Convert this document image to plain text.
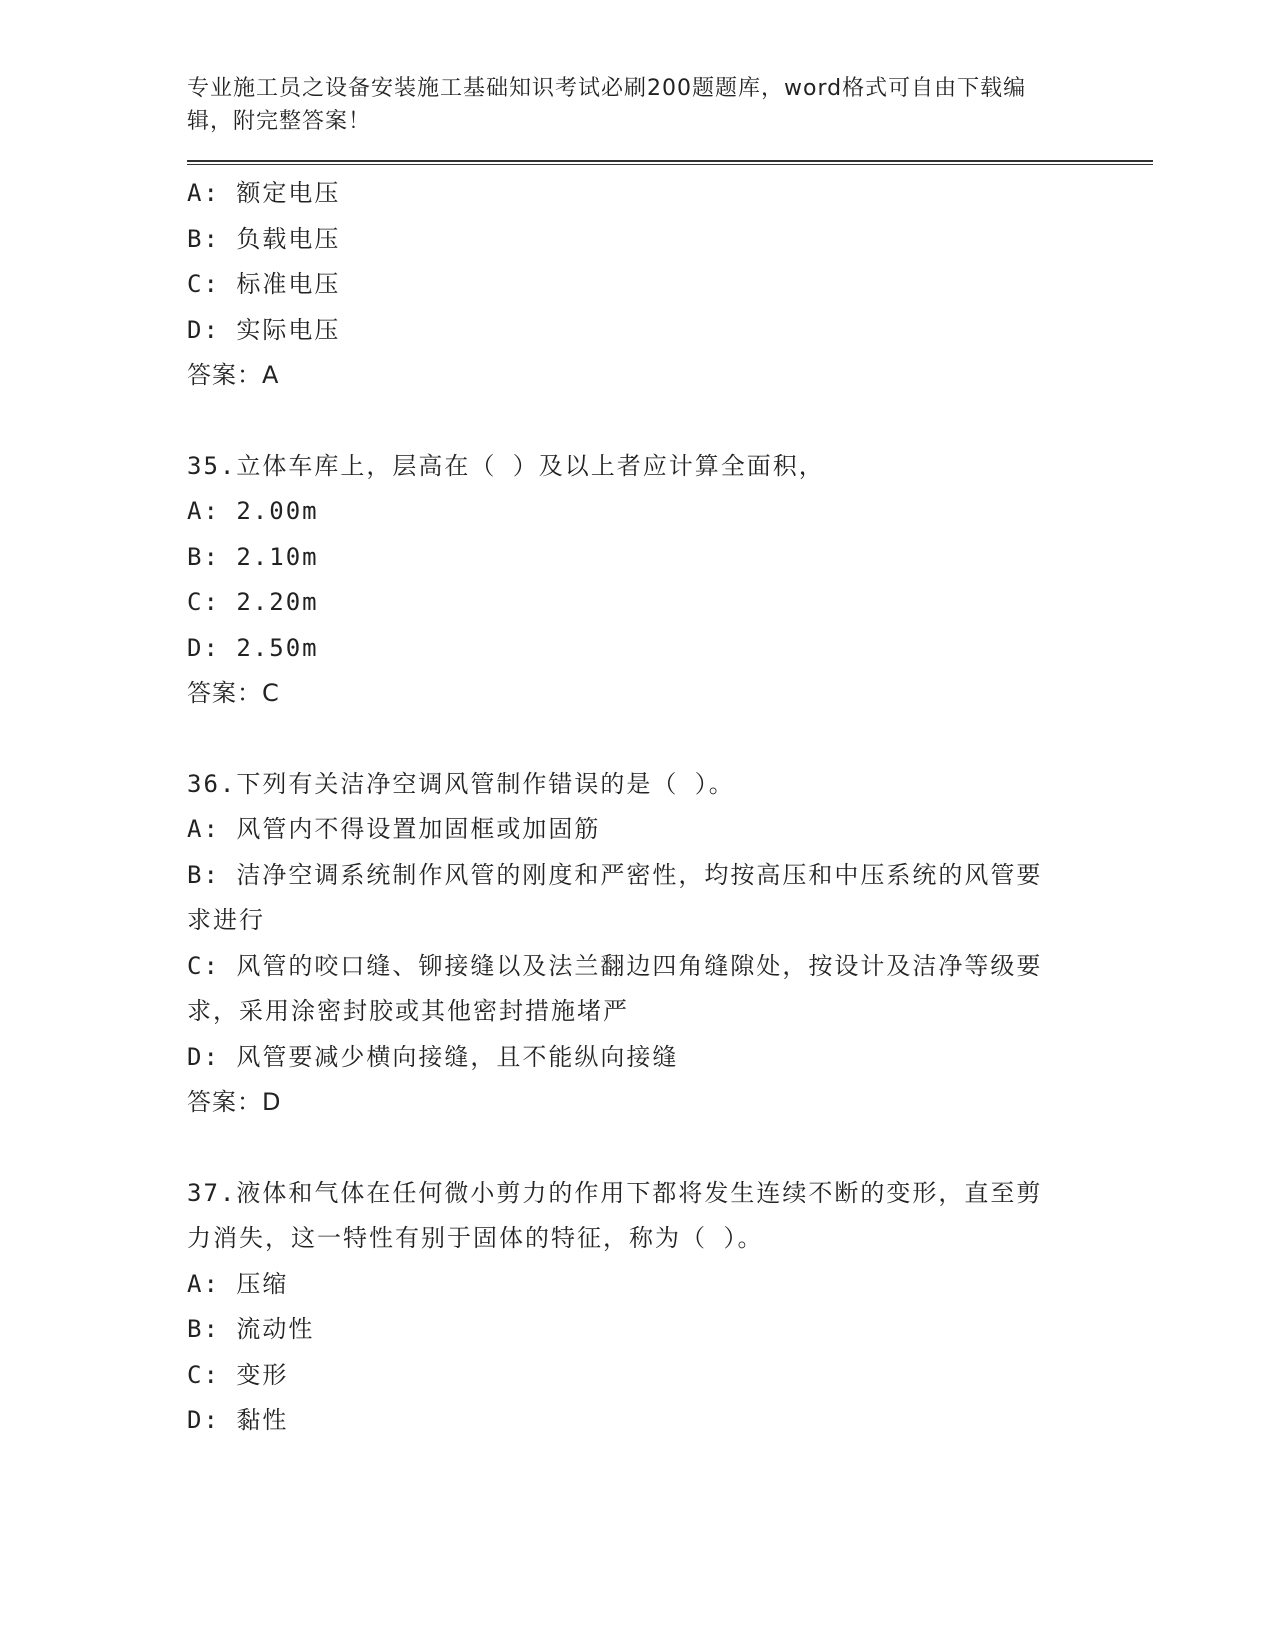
专业施工员之设备安装施工基础知识考试必刷200题题库，word格式可自由下载编辑，附完整答案！
A: 额定电压
B: 负载电压
C: 标准电压
D: 实际电压
答案：A
35.立体车库上，层高在（ ）及以上者应计算全面积，
A: 2.00m
B: 2.10m
C: 2.20m
D: 2.50m
答案：C
36.下列有关洁净空调风管制作错误的是（ ）。
A: 风管内不得设置加固框或加固筋
B: 洁净空调系统制作风管的刚度和严密性，均按高压和中压系统的风管要求进行
C: 风管的咬口缝、铆接缝以及法兰翻边四角缝隙处，按设计及洁净等级要求，采用涂密封胶或其他密封措施堵严
D: 风管要减少横向接缝，且不能纵向接缝
答案：D
37.液体和气体在任何微小剪力的作用下都将发生连续不断的变形，直至剪力消失，这一特性有别于固体的特征，称为（ ）。
A: 压缩
B: 流动性
C: 变形
D: 黏性
